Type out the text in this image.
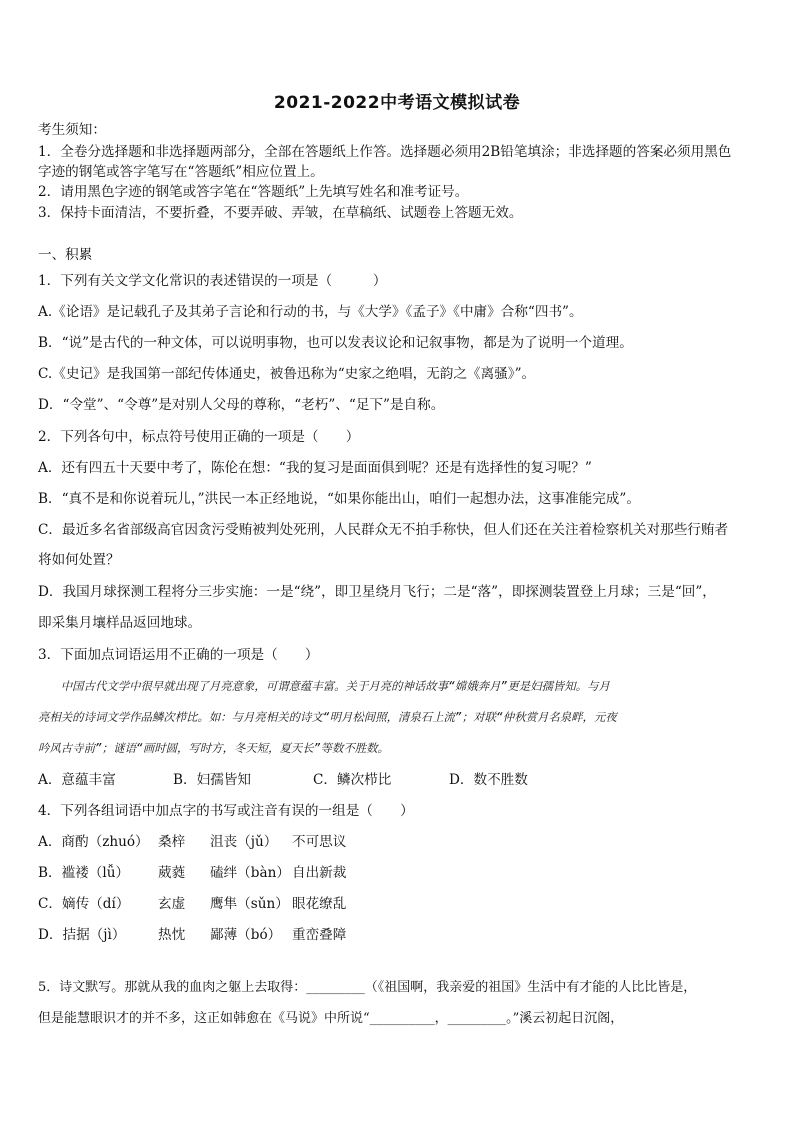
2021-2022中考语文模拟试卷
考生须知：
1．全卷分选择题和非选择题两部分，全部在答题纸上作答。选择题必须用2B铅笔填涂；非选择题的答案必须用黑色
字迹的钢笔或答字笔写在“答题纸”相应位置上。
2．请用黑色字迹的钢笔或答字笔在“答题纸”上先填写姓名和准考证号。
3．保持卡面清洁，不要折叠，不要弄破、弄皱，在草稿纸、试题卷上答题无效。
一、积累
1．下列有关文学文化常识的表述错误的一项是（　　　）
A.《论语》是记载孔子及其弟子言论和行动的书，与《大学》《孟子》《中庸》合称“四书”。
B．“说”是古代的一种文体，可以说明事物，也可以发表议论和记叙事物，都是为了说明一个道理。
C.《史记》是我国第一部纪传体通史，被鲁迅称为“史家之绝唱，无韵之《离骚》”。
D．“令堂”、“令尊”是对别人父母的尊称，“老朽”、“足下”是自称。
2．下列各句中，标点符号使用正确的一项是（　　）
A．还有四五十天要中考了，陈伦在想：“我的复习是面面俱到呢？还是有选择性的复习呢？”
B．“真不是和你说着玩儿，”洪民一本正经地说，“如果你能出山，咱们一起想办法，这事准能完成”。
C．最近多名省部级高官因贪污受贿被判处死刑，人民群众无不拍手称快，但人们还在关注着检察机关对那些行贿者
将如何处置？
D．我国月球探测工程将分三步实施：一是“绕”，即卫星绕月飞行；二是“落”，即探测装置登上月球；三是“回”，
即采集月壤样品返回地球。
3．下面加点词语运用不正确的一项是（　　）
　　中国古代文学中很早就出现了月亮意象，可谓意蕴丰富。关于月亮的神话故事“嫦娥奔月”更是妇孺皆知。与月
亮相关的诗词文学作品鳞次栉比。如：与月亮相关的诗文“明月松间照，清泉石上流”；对联“仲秋赏月名泉畔，元夜
吟风古寺前”；谜语“画时圆，写时方，冬天短，夏天长”等数不胜数。
A．意蕴丰富	B．妇孺皆知	C．鳞次栉比	D．数不胜数
4．下列各组词语中加点字的书写或注音有误的一组是（　　）
A．商酌（zhuó） 桑梓 沮丧（jǔ） 不可思议
B．褴褛（lǚ） 葳蕤 磕绊（bàn） 自出新裁
C．嫡传（dí） 玄虚 鹰隼（sǔn） 眼花缭乱
D．拮据（jì） 热忱 鄙薄（bó） 重峦叠障
5．诗文默写。那就从我的血肉之躯上去取得：_________（《祖国啊，我亲爱的祖国》生活中有才能的人比比皆是，
但是能慧眼识才的并不多，这正如韩愈在《马说》中所说“__________，_________。”溪云初起日沉阁，
